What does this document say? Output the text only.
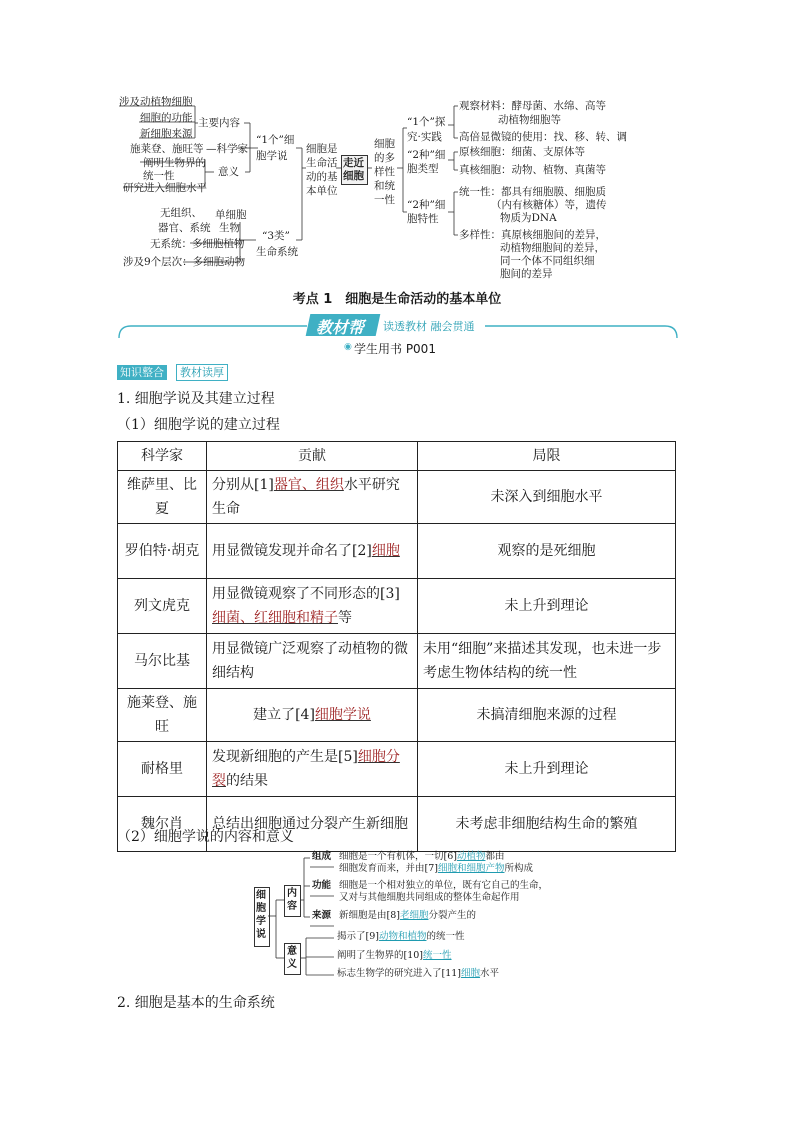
涉及动植物细胞
细胞的功能
新细胞来源
主要内容
施莱登、施旺等 —科学家
阐明生物界的
统一性	意义
研究进入细胞水平
“1个”细
胞学说
无组织、
器官、系统
单细胞
生物
无系统：多细胞植物
涉及9个层次：多细胞动物
“3类”
生命系统
细胞是
生命活
动的基
本单位
走近
细胞
细胞
的多
样性
和统
一性
“1个”探
究·实践
“2种”细
胞类型
“2种”细
胞特性
观察材料：酵母菌、水绵、高等
动植物细胞等
高倍显微镜的使用：找、移、转、调
原核细胞：细菌、支原体等
真核细胞：动物、植物、真菌等
统一性：都具有细胞膜、细胞质
（内有核糖体）等，遗传
物质为DNA
多样性：真原核细胞间的差异，
动植物细胞间的差异，
同一个体不同组织细
胞间的差异
考点 1　细胞是生命活动的基本单位
教材帮 读透教材 融会贯通
◉ 学生用书 P001
知识整合	教材读厚
1. 细胞学说及其建立过程
（1）细胞学说的建立过程
科学家	贡献	局限
维萨里、比夏	分别从[1]器官、组织水平研究生命	未深入到细胞水平
罗伯特·胡克	用显微镜发现并命名了[2]细胞	观察的是死细胞
列文虎克	用显微镜观察了不同形态的[3]细菌、红细胞和精子等	未上升到理论
马尔比基	用显微镜广泛观察了动植物的微细结构	未用“细胞”来描述其发现，也未进一步考虑生物体结构的统一性
施莱登、施旺	建立了[4]细胞学说	未搞清细胞来源的过程
耐格里	发现新细胞的产生是[5]细胞分裂的结果	未上升到理论
魏尔肖	总结出细胞通过分裂产生新细胞	未考虑非细胞结构生命的繁殖
（2）细胞学说的内容和意义
细胞学说
内容
意义
组成
功能
来源
细胞是一个有机体，一切[6]动植物都由
细胞发育而来，并由[7]细胞和细胞产物所构成
细胞是一个相对独立的单位，既有它自己的生命，
又对与其他细胞共同组成的整体生命起作用
新细胞是由[8]老细胞分裂产生的
揭示了[9]动物和植物的统一性
阐明了生物界的[10]统一性
标志生物学的研究进入了[11]细胞水平
2. 细胞是基本的生命系统
